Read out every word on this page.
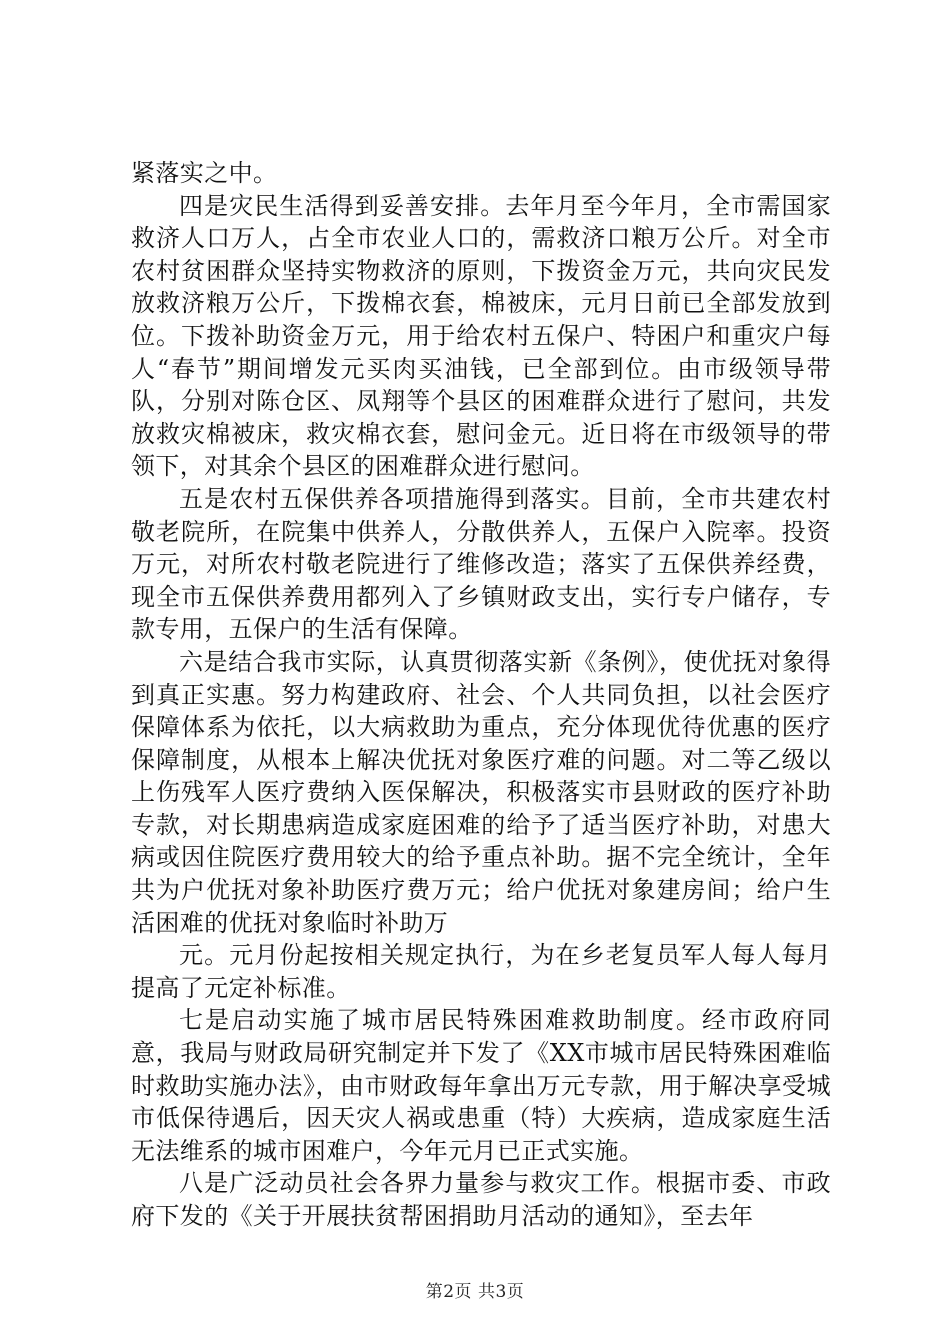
紧落实之中。

四是灾民生活得到妥善安排。去年月至今年月，全市需国家救济人口万人，占全市农业人口的，需救济口粮万公斤。对全市农村贫困群众坚持实物救济的原则，下拨资金万元，共向灾民发放救济粮万公斤，下拨棉衣套，棉被床，元月日前已全部发放到位。下拨补助资金万元，用于给农村五保户、特困户和重灾户每人“春节”期间增发元买肉买油钱，已全部到位。由市级领导带队，分别对陈仓区、凤翔等个县区的困难群众进行了慰问，共发放救灾棉被床，救灾棉衣套，慰问金元。近日将在市级领导的带领下，对其余个县区的困难群众进行慰问。

五是农村五保供养各项措施得到落实。目前，全市共建农村敬老院所，在院集中供养人，分散供养人，五保户入院率。投资万元，对所农村敬老院进行了维修改造；落实了五保供养经费，现全市五保供养费用都列入了乡镇财政支出，实行专户储存，专款专用，五保户的生活有保障。

六是结合我市实际，认真贯彻落实新《条例》，使优抚对象得到真正实惠。努力构建政府、社会、个人共同负担，以社会医疗保障体系为依托，以大病救助为重点，充分体现优待优惠的医疗保障制度，从根本上解决优抚对象医疗难的问题。对二等乙级以上伤残军人医疗费纳入医保解决，积极落实市县财政的医疗补助专款，对长期患病造成家庭困难的给予了适当医疗补助，对患大病或因住院医疗费用较大的给予重点补助。据不完全统计，全年共为户优抚对象补助医疗费万元；给户优抚对象建房间；给户生活困难的优抚对象临时补助万

元。元月份起按相关规定执行，为在乡老复员军人每人每月提高了元定补标准。

七是启动实施了城市居民特殊困难救助制度。经市政府同意，我局与财政局研究制定并下发了《XX市城市居民特殊困难临时救助实施办法》，由市财政每年拿出万元专款，用于解决享受城市低保待遇后，因天灾人祸或患重（特）大疾病，造成家庭生活无法维系的城市困难户，今年元月已正式实施。

八是广泛动员社会各界力量参与救灾工作。根据市委、市政府下发的《关于开展扶贫帮困捐助月活动的通知》，至去年

第2页 共3页
